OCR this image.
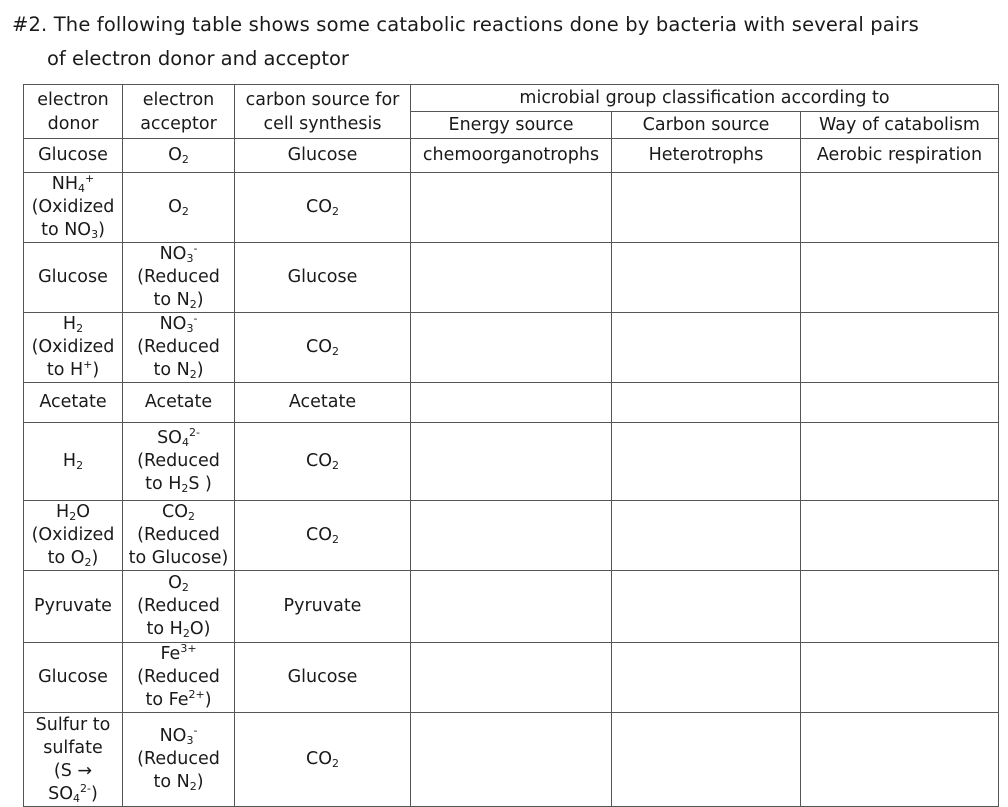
#2. The following table shows some catabolic reactions done by bacteria with several pairs
of electron donor and acceptor
electron
donor	electron
acceptor	carbon source for
cell synthesis	microbial group classification according to		
			Energy source	Carbon source	Way of catabolism

Glucose	$O_2$	Glucose	chemoorganotrophs	Heterotrophs	Aerobic respiration

$NH_4^+$
(Oxidized
to $NO_3$)	$O_2$	$CO_2$

Glucose	$NO_3^-$
(Reduced
to $N_2$)	Glucose			

$H_2$
(Oxidized
to H+)	$NO_3^-$
(Reduced
to $N_2$)	$CO_2$

Acetate	Acetate	Acetate			

$H_2$	$SO_4^{2-}$
(Reduced
to $H_2S$ )	$CO_2$

$H_2O$
(Oxidized
to $O_2$)	$CO_2$
(Reduced
to Glucose)	$CO_2$

Pyruvate	$O_2$
(Reduced
to $H_2O$)	Pyruvate			

Glucose	$Fe^{3+}$
(Reduced
to $Fe^{2+}$)	Glucose			

Sulfur to
sulfate
(S →
$SO_4^{2-}$)	$NO_3^-$
(Reduced
to $N_2$)	$CO_2$
